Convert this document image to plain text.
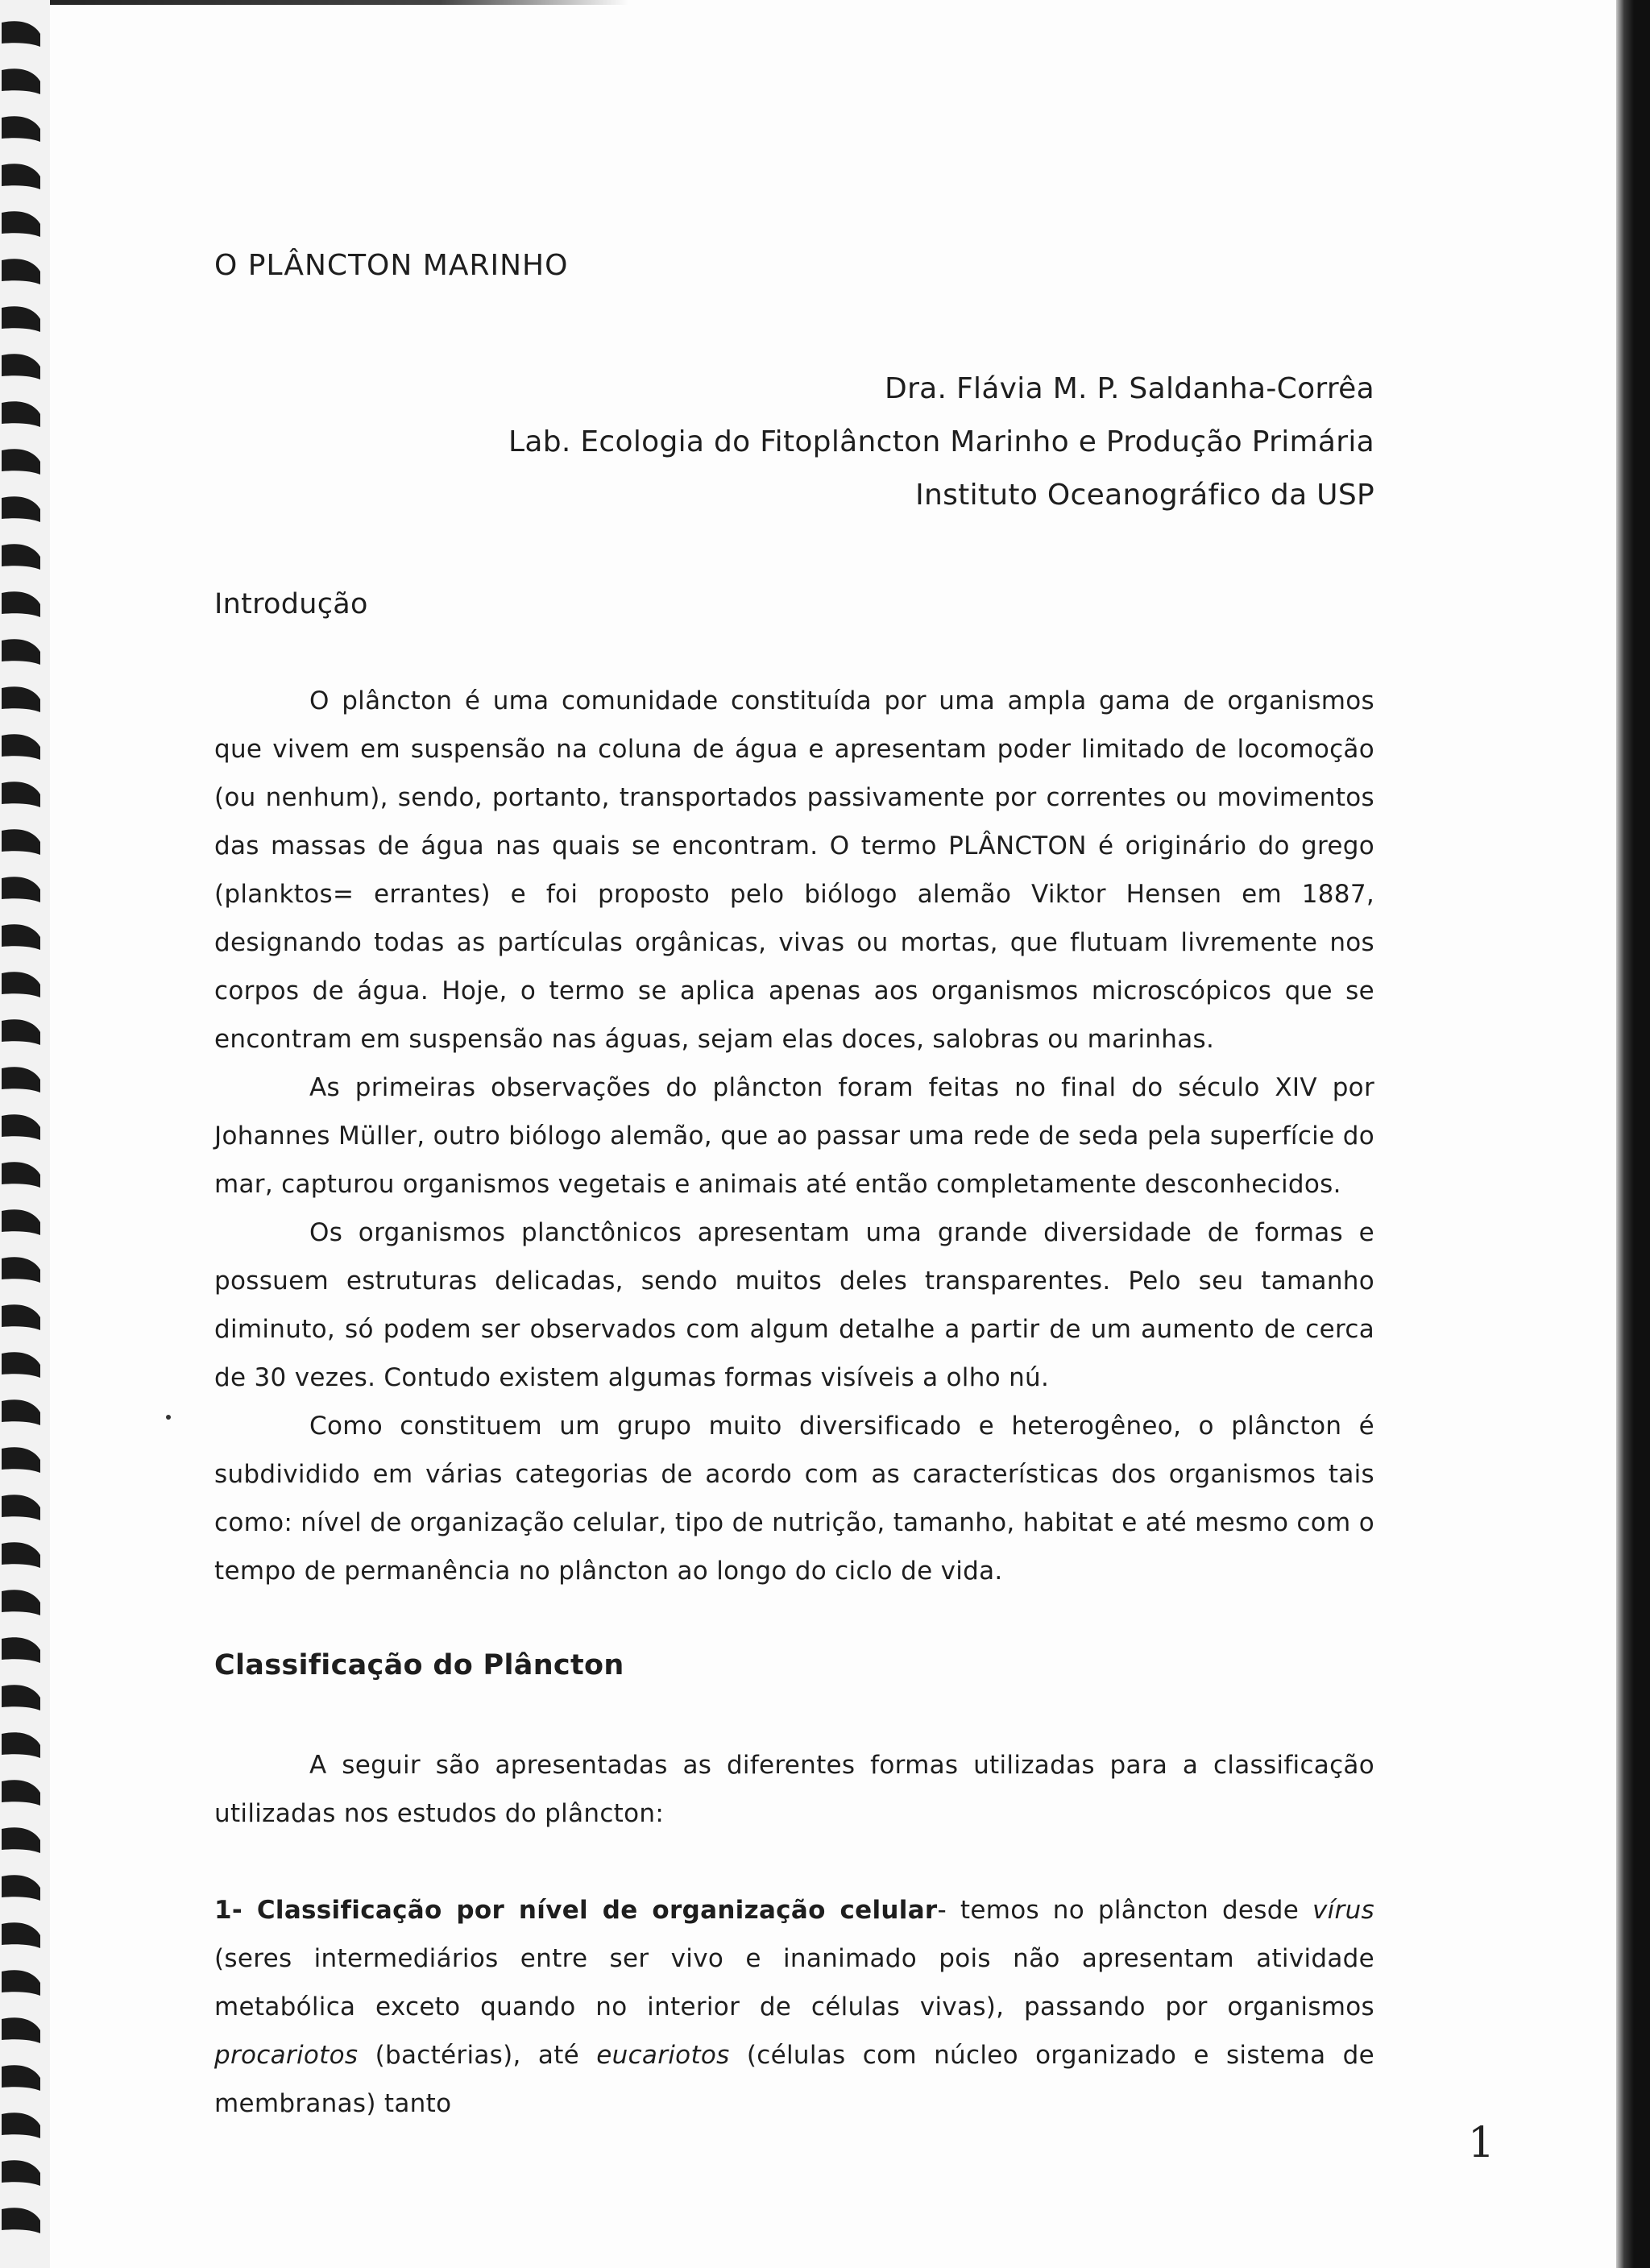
O PLÂNCTON MARINHO
Dra. Flávia M. P. Saldanha-Corrêa
Lab. Ecologia do Fitoplâncton Marinho e Produção Primária
Instituto Oceanográfico da USP
Introdução

O plâncton é uma comunidade constituída por uma ampla gama de organismos que vivem em suspensão na coluna de água e apresentam poder limitado de locomoção (ou nenhum), sendo, portanto, transportados passivamente por correntes ou movimentos das massas de água nas quais se encontram. O termo PLÂNCTON é originário do grego (planktos= errantes) e foi proposto pelo biólogo alemão Viktor Hensen em 1887, designando todas as partículas orgânicas, vivas ou mortas, que flutuam livremente nos corpos de água. Hoje, o termo se aplica apenas aos organismos microscópicos que se encontram em suspensão nas águas, sejam elas doces, salobras ou marinhas.

As primeiras observações do plâncton foram feitas no final do século XIV por Johannes Müller, outro biólogo alemão, que ao passar uma rede de seda pela superfície do mar, capturou organismos vegetais e animais até então completamente desconhecidos.

Os organismos planctônicos apresentam uma grande diversidade de formas e possuem estruturas delicadas, sendo muitos deles transparentes. Pelo seu tamanho diminuto, só podem ser observados com algum detalhe a partir de um aumento de cerca de 30 vezes. Contudo existem algumas formas visíveis a olho nú.

Como constituem um grupo muito diversificado e heterogêneo, o plâncton é subdividido em várias categorias de acordo com as características dos organismos tais como: nível de organização celular, tipo de nutrição, tamanho, habitat e até mesmo com o tempo de permanência no plâncton ao longo do ciclo de vida.

Classificação do Plâncton

A seguir são apresentadas as diferentes formas utilizadas para a classificação utilizadas nos estudos do plâncton:

1- Classificação por nível de organização celular- temos no plâncton desde vírus (seres intermediários entre ser vivo e inanimado pois não apresentam atividade metabólica exceto quando no interior de células vivas), passando por organismos procariotos (bactérias), até eucariotos (células com núcleo organizado e sistema de membranas) tanto

1
